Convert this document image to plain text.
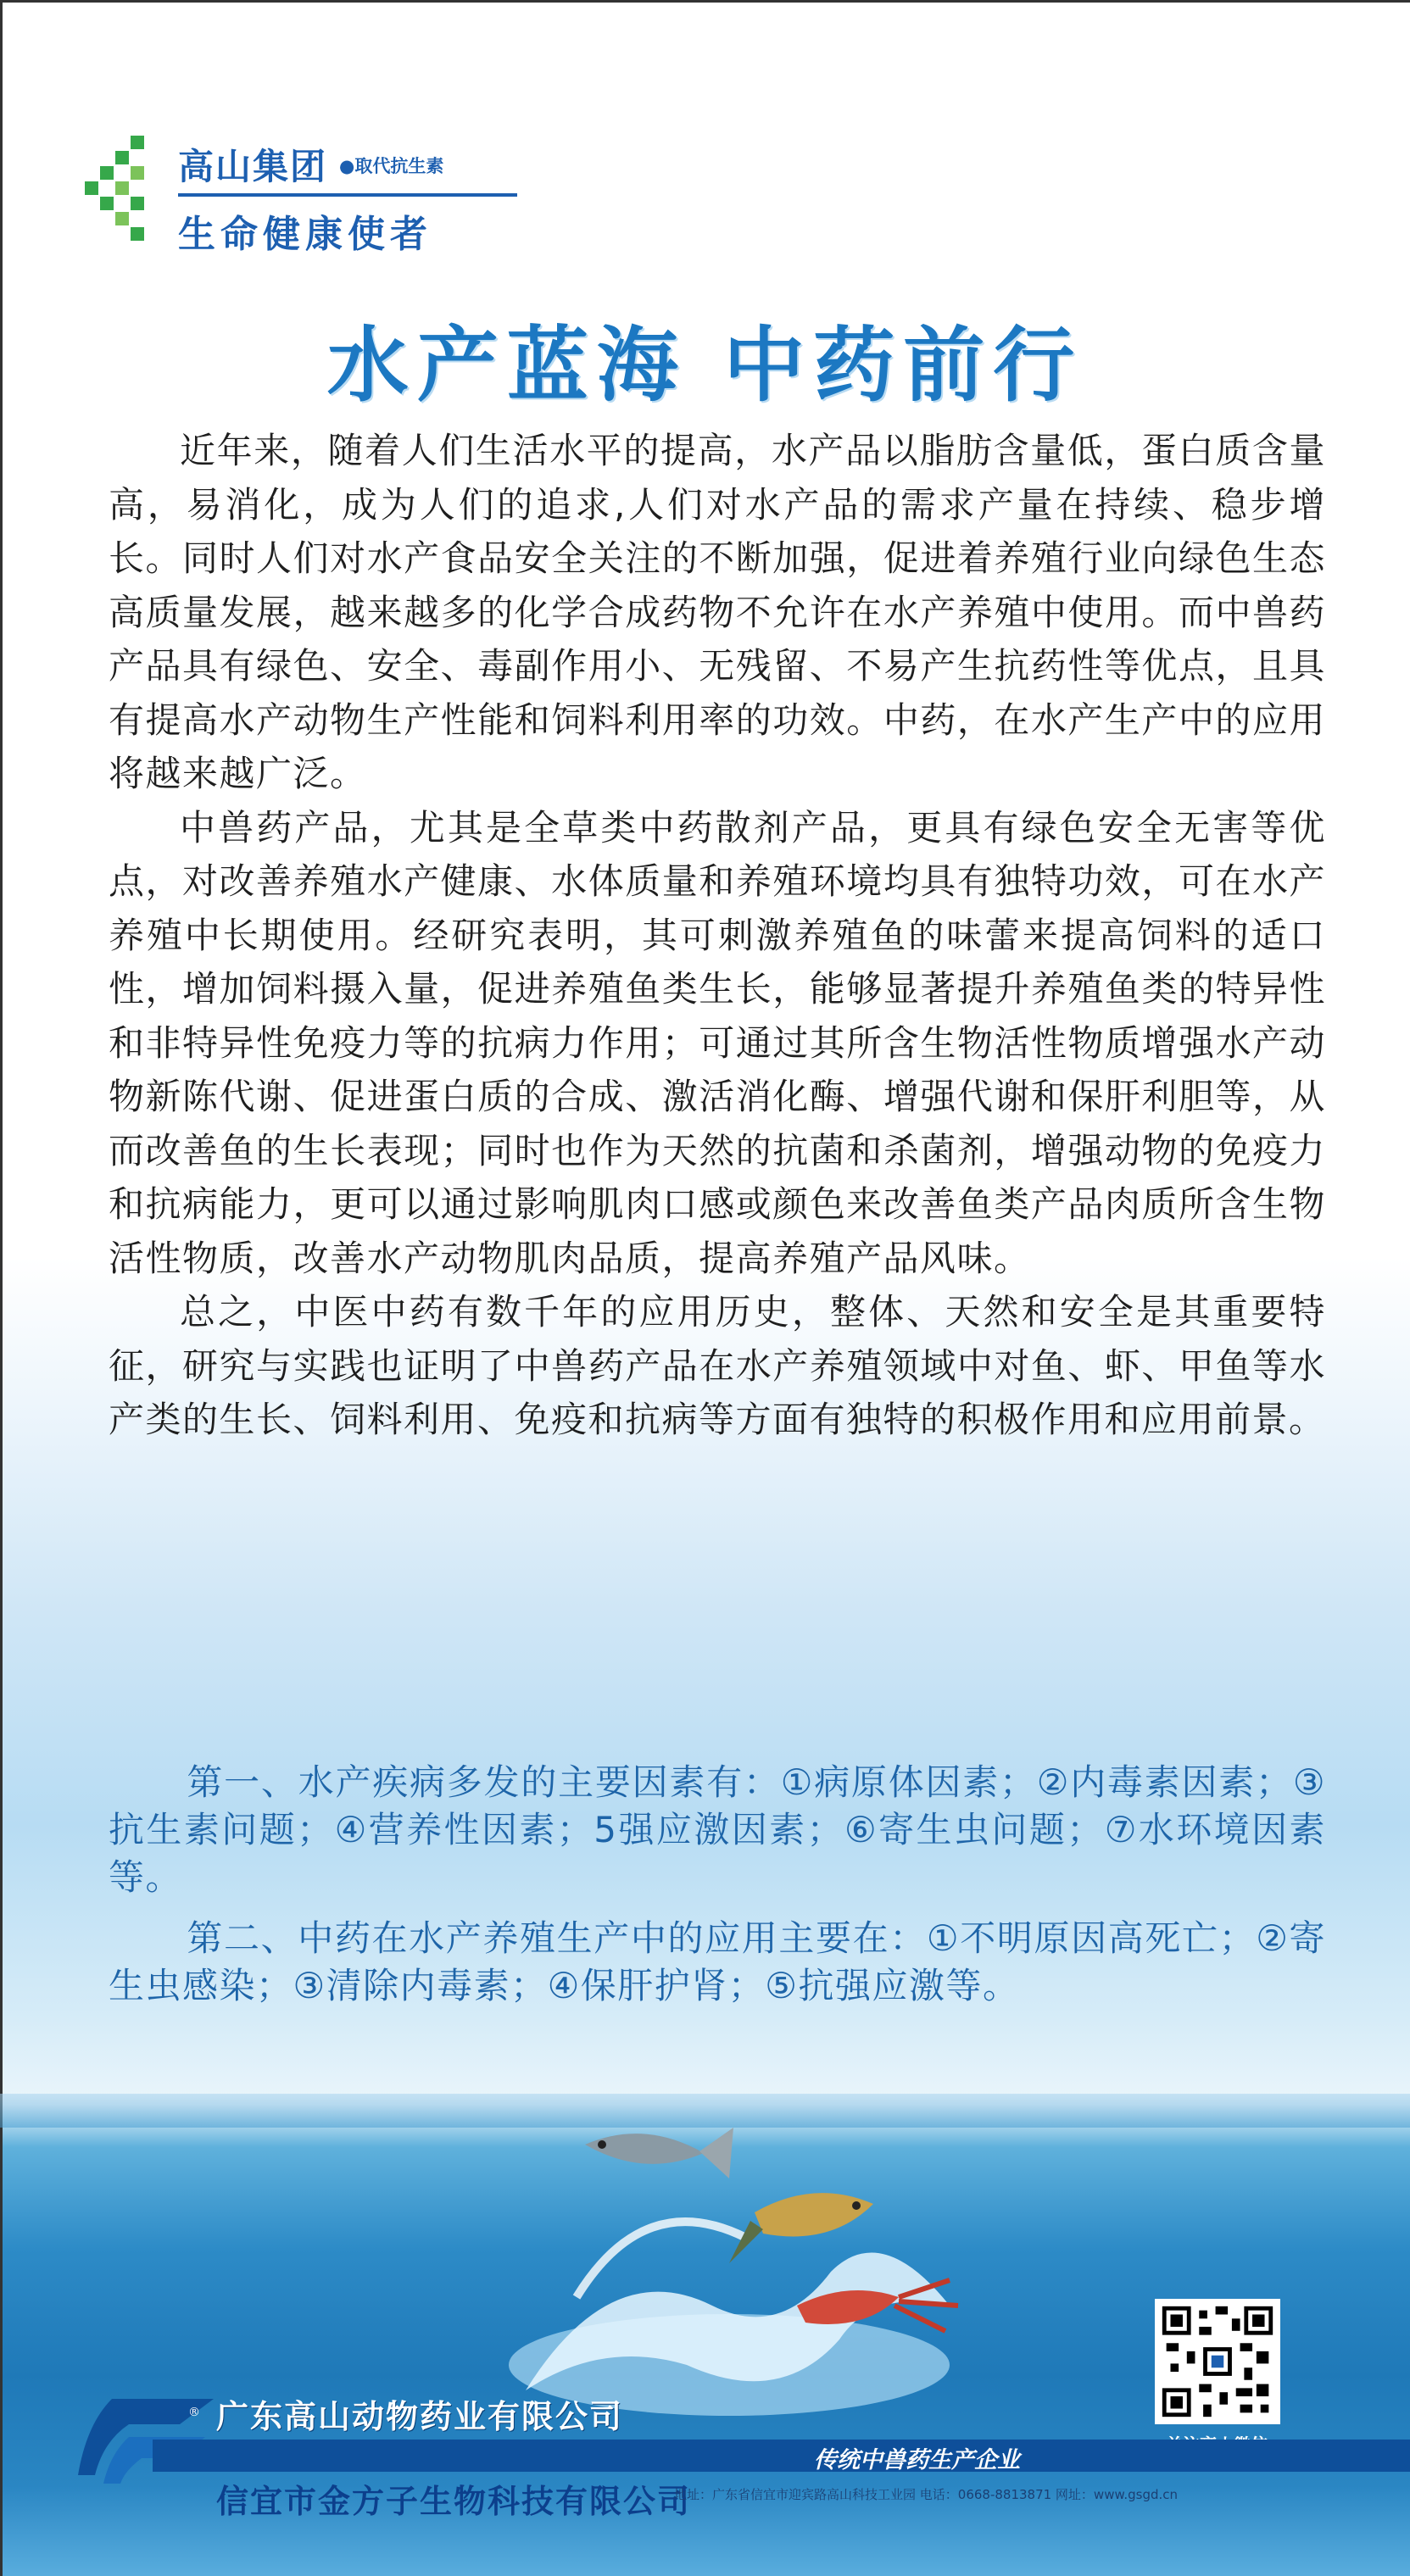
高山集团 ●取代抗生素
生命健康使者
水产蓝海 中药前行

近年来，随着人们生活水平的提高，水产品以脂肪含量低，蛋白质含量高，易消化，成为人们的追求,人们对水产品的需求产量在持续、稳步增长。同时人们对水产食品安全关注的不断加强，促进着养殖行业向绿色生态高质量发展，越来越多的化学合成药物不允许在水产养殖中使用。而中兽药产品具有绿色、安全、毒副作用小、无残留、不易产生抗药性等优点，且具有提高水产动物生产性能和饲料利用率的功效。中药，在水产生产中的应用将越来越广泛。

中兽药产品，尤其是全草类中药散剂产品，更具有绿色安全无害等优点，对改善养殖水产健康、水体质量和养殖环境均具有独特功效，可在水产养殖中长期使用。经研究表明，其可刺激养殖鱼的味蕾来提高饲料的适口性，增加饲料摄入量，促进养殖鱼类生长，能够显著提升养殖鱼类的特异性和非特异性免疫力等的抗病力作用；可通过其所含生物活性物质增强水产动物新陈代谢、促进蛋白质的合成、激活消化酶、增强代谢和保肝利胆等，从而改善鱼的生长表现；同时也作为天然的抗菌和杀菌剂，增强动物的免疫力和抗病能力，更可以通过影响肌肉口感或颜色来改善鱼类产品肉质所含生物活性物质，改善水产动物肌肉品质，提高养殖产品风味。

总之，中医中药有数千年的应用历史，整体、天然和安全是其重要特征，研究与实践也证明了中兽药产品在水产养殖领域中对鱼、虾、甲鱼等水产类的生长、饲料利用、免疫和抗病等方面有独特的积极作用和应用前景。

第一、水产疾病多发的主要因素有：①病原体因素；②内毒素因素；③抗生素问题；④营养性因素；5强应激因素；⑥寄生虫问题；⑦水环境因素等。

第二、中药在水产养殖生产中的应用主要在：①不明原因高死亡；②寄生虫感染；③清除内毒素；④保肝护肾；⑤抗强应激等。

® 广东高山动物药业有限公司
传统中兽药生产企业
信宜市金方子生物科技有限公司
地址：广东省信宜市迎宾路高山科技工业园 电话：0668-8813871 网址：www.gsgd.cn
